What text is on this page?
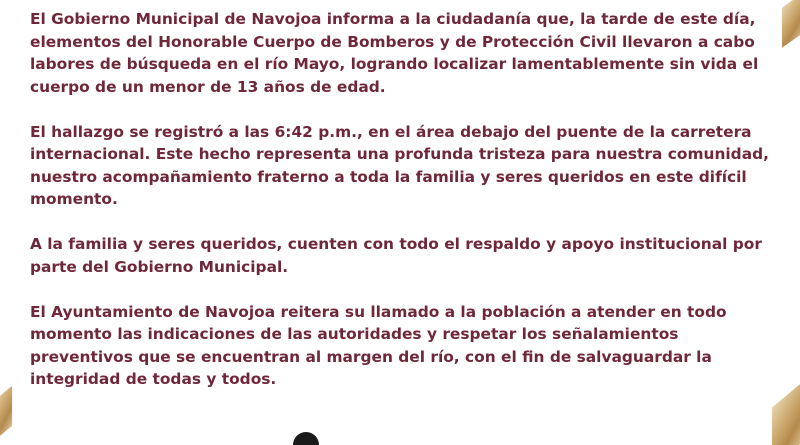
El Gobierno Municipal de Navojoa informa a la ciudadanía que, la tarde de este día, elementos del Honorable Cuerpo de Bomberos y de Protección Civil llevaron a cabo labores de búsqueda en el río Mayo, logrando localizar lamentablemente sin vida el cuerpo de un menor de 13 años de edad.

El hallazgo se registró a las 6:42 p.m., en el área debajo del puente de la carretera internacional. Este hecho representa una profunda tristeza para nuestra comunidad, nuestro acompañamiento fraterno a toda la familia y seres queridos en este difícil momento.

A la familia y seres queridos, cuenten con todo el respaldo y apoyo institucional por parte del Gobierno Municipal.

El Ayuntamiento de Navojoa reitera su llamado a la población a atender en todo momento las indicaciones de las autoridades y respetar los señalamientos preventivos que se encuentran al margen del río, con el fin de salvaguardar la integridad de todas y todos.
